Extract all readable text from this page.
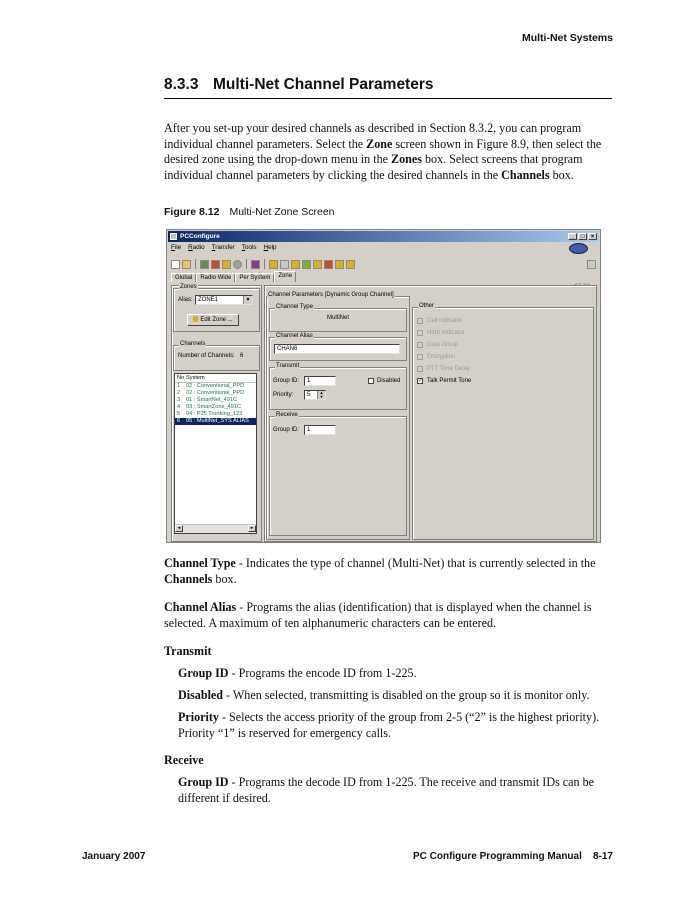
Multi-Net Systems
8.3.3 Multi-Net Channel Parameters
After you set-up your desired channels as described in Section 8.3.2, you can program individual channel parameters. Select the Zone screen shown in Figure 8.9, then select the desired zone using the drop-down menu in the Zones box. Select screens that program individual channel parameters by clicking the desired channels in the Channels box.
Figure 8.12 Multi-Net Zone Screen
PCConfigure	_	□	×
File Radio Transfer Tools Help
Global	Radio Wide	Per System	Zone
<< >>
Zones
Alias: ZONE1	▼
Edit Zone ...
Channels
Number of Channels: 6
No System
1	02 : Conventional_PPD
2	02 : Conventional_PPD
3	01 : SmartNet_491C
4	03 : SmartZone_491C
5	04 : P25 Trunking_123
6	05 : MultiNet_SYS ALIAS
◂	▸
Channel Parameters [Dynamic Group Channel]
Channel Type
MultiNet
Channel Alias
CHAN6
Transmit
Group ID:	1	Disabled
Priority:	5	▲
▼
Receive
Group ID:	1
Other
Call Indicator
Horn Indicator
Data Group
Encryption
PTT Tone Delay
✓ Talk Permit Tone
Channel Type - Indicates the type of channel (Multi-Net) that is currently selected in the Channels box.
Channel Alias - Programs the alias (identification) that is displayed when the channel is selected. A maximum of ten alphanumeric characters can be entered.
Transmit
Group ID - Programs the encode ID from 1-225.
Disabled - When selected, transmitting is disabled on the group so it is monitor only.
Priority - Selects the access priority of the group from 2-5 (“2” is the highest priority). Priority “1” is reserved for emergency calls.
Receive
Group ID - Programs the decode ID from 1-225. The receive and transmit IDs can be different if desired.
January 2007	PC Configure Programming Manual    8-17
